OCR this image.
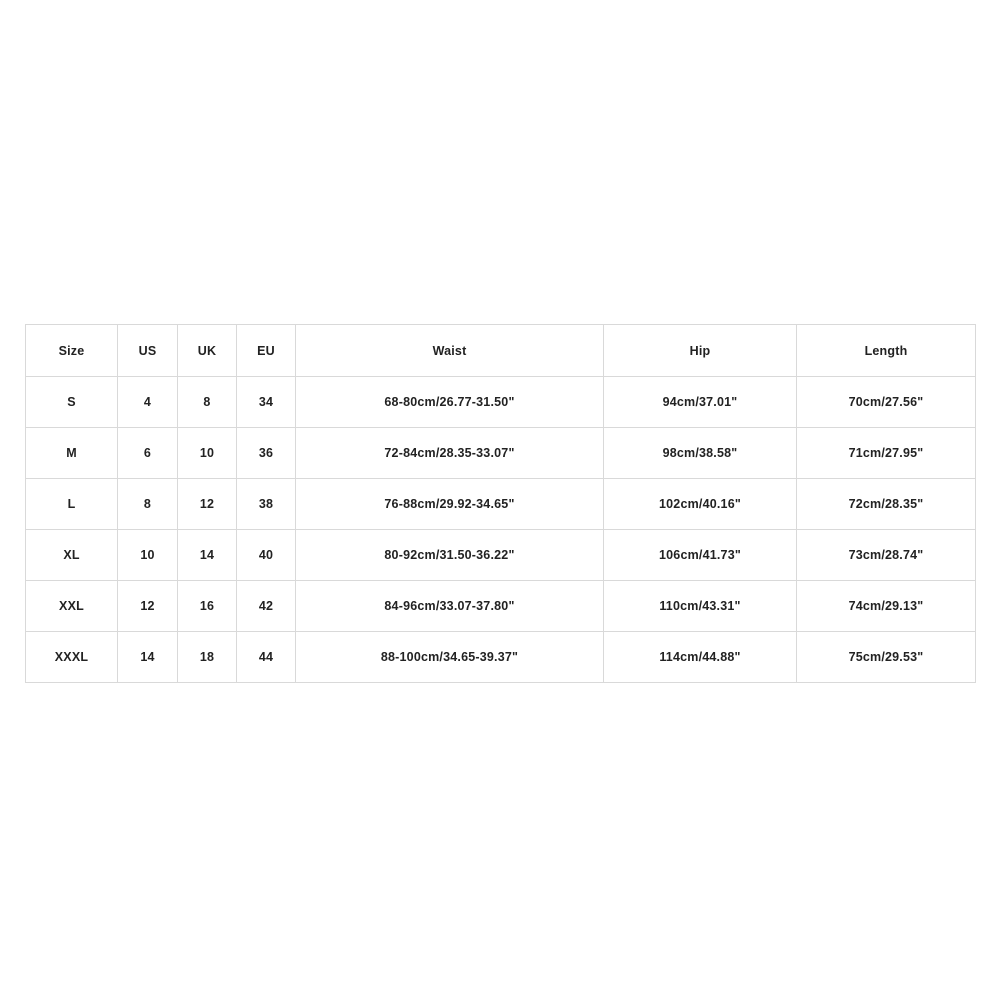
Size	US	UK	EU	Waist	Hip	Length
S	4	8	34	68-80cm/26.77-31.50"	94cm/37.01"	70cm/27.56"
M	6	10	36	72-84cm/28.35-33.07"	98cm/38.58"	71cm/27.95"
L	8	12	38	76-88cm/29.92-34.65"	102cm/40.16"	72cm/28.35"
XL	10	14	40	80-92cm/31.50-36.22"	106cm/41.73"	73cm/28.74"
XXL	12	16	42	84-96cm/33.07-37.80"	110cm/43.31"	74cm/29.13"
XXXL	14	18	44	88-100cm/34.65-39.37"	114cm/44.88"	75cm/29.53"
